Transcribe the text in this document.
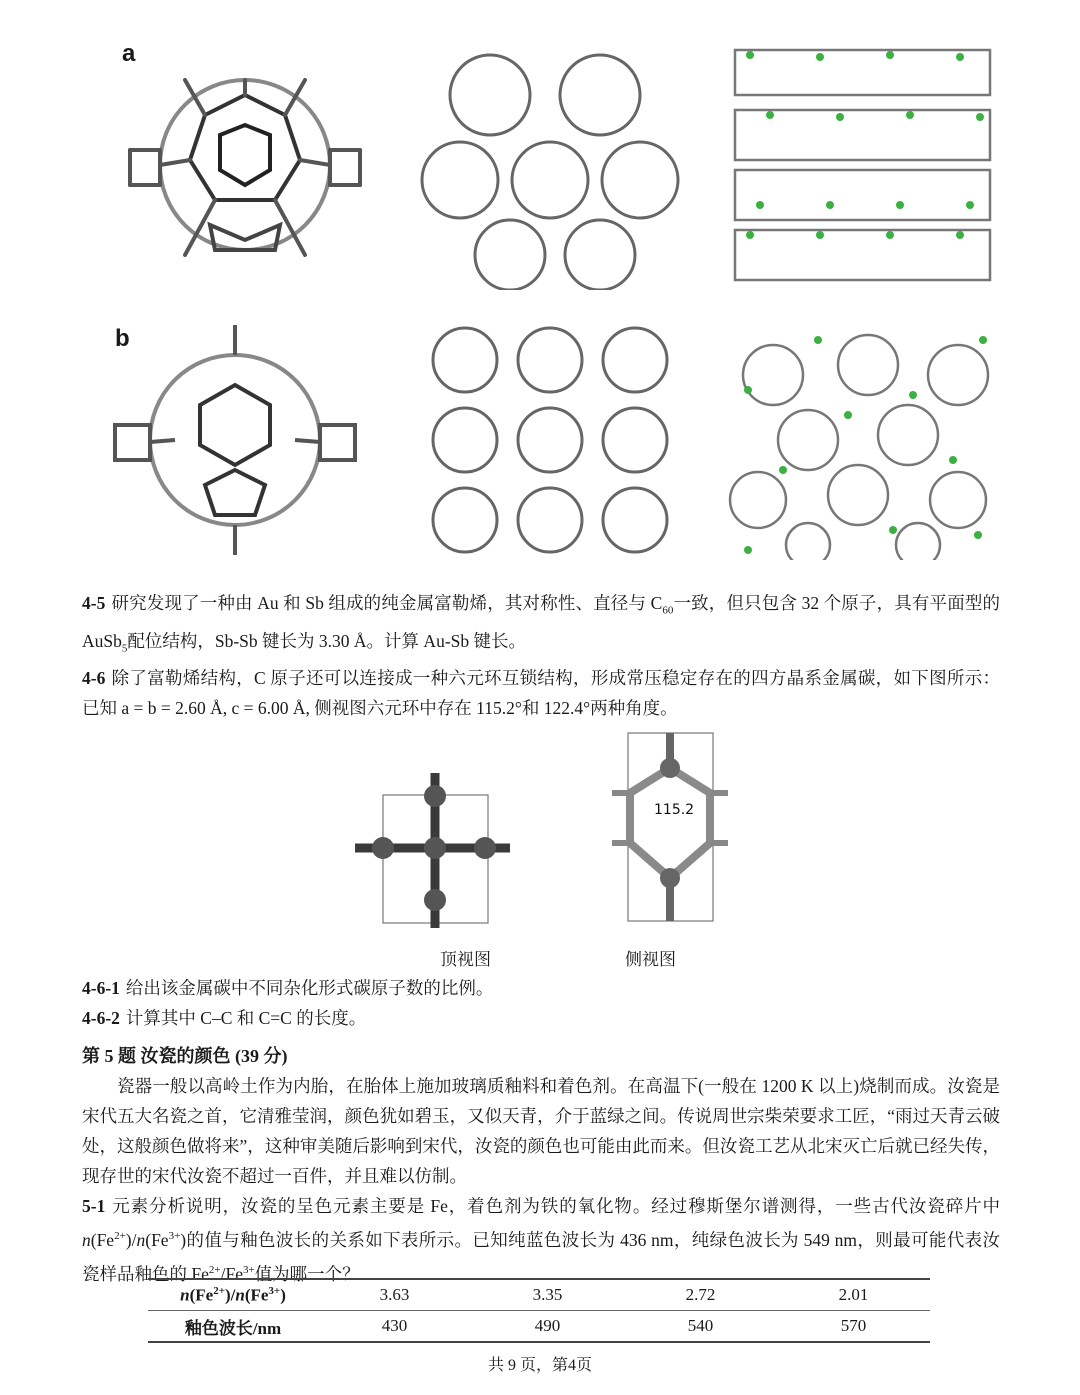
a
b

4-5 研究发现了一种由 Au 和 Sb 组成的纯金属富勒烯，其对称性、直径与 $C_{60}$一致，但只包含 32 个原子，具有平面型的 AuSb$_5$配位结构，Sb-Sb 键长为 3.30 Å。计算 Au-Sb 键长。

4-6 除了富勒烯结构，C 原子还可以连接成一种六元环互锁结构，形成常压稳定存在的四方晶系金属碳，如下图所示：已知 a = b = 2.60 Å, c = 6.00 Å, 侧视图六元环中存在 115.2°和 122.4°两种角度。

115.2
顶视图	侧视图

4-6-1 给出该金属碳中不同杂化形式碳原子数的比例。

4-6-2 计算其中 C–C 和 C=C 的长度。

第 5 题 汝瓷的颜色 (39 分)

瓷器一般以高岭土作为内胎，在胎体上施加玻璃质釉料和着色剂。在高温下(一般在 1200 K 以上)烧制而成。汝瓷是宋代五大名瓷之首，它清雅莹润，颜色犹如碧玉，又似天青，介于蓝绿之间。传说周世宗柴荣要求工匠，“雨过天青云破处，这般颜色做将来”，这种审美随后影响到宋代，汝瓷的颜色也可能由此而来。但汝瓷工艺从北宋灭亡后就已经失传，现存世的宋代汝瓷不超过一百件，并且难以仿制。

5-1 元素分析说明，汝瓷的呈色元素主要是 Fe，着色剂为铁的氧化物。经过穆斯堡尔谱测得，一些古代汝瓷碎片中 $n(Fe^{2+})/n(Fe^{3+})$的值与釉色波长的关系如下表所示。已知纯蓝色波长为 436 nm，纯绿色波长为 549 nm，则最可能代表汝瓷样品釉色的 $Fe^{2+}/Fe^{3+}$值为哪一个？

$n(Fe^{2+})/n(Fe^{3+})$	3.63	3.35	2.72	2.01
釉色波长/nm	430	490	540	570
共 9 页，第4页
